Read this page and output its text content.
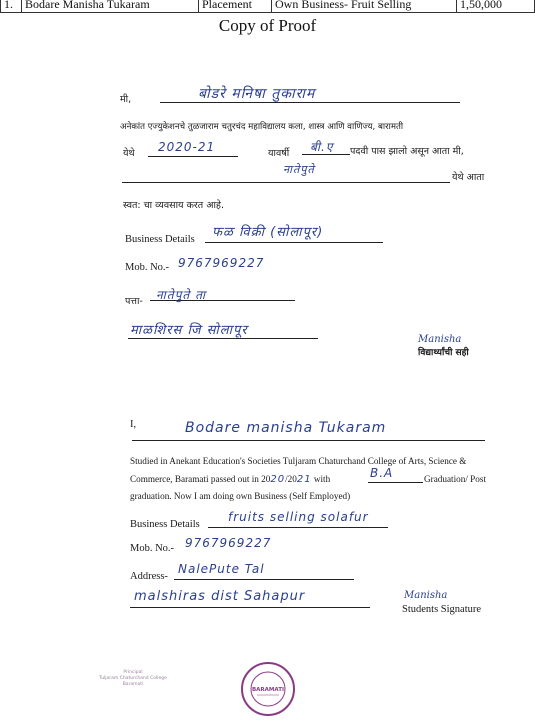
1.	Bodare Manisha Tukaram	Placement	Own Business- Fruit Selling	1,50,000
Copy of Proof
मी,	बोडरे मनिषा तुकाराम
अनेकांत एज्युकेशनचे तुळजाराम चतुरचंद महाविद्यालय कला, शास्त्र आणि वाणिज्य, बारामती
येथे 2020-21	यावर्षी बी.ए पदवी पास झालो असून आता मी,
नातेपुते
येथे आता
स्वत: चा व्यवसाय करत आहे.
Business Details फळ विक्री (सोलापूर)
Mob. No.- 9767969227
पत्ता- नातेपुते ता
माळशिरस जि सोलापूर
Manisha
विद्यार्थ्यांची सही
I,	Bodare manisha Tukaram
Studied in Anekant Education's Societies Tuljaram Chaturchand College of Arts, Science &
Commerce, Baramati passed out in 2020/2021 with	B.A	Graduation/ Post
graduation. Now I am doing own Business (Self Employed)
Business Details
fruits selling solafur
Mob. No.- 9767969227
Address-
NalePute Tal
malshiras dist Sahapur	Manisha
Students Signature

Principal
Tuljaram Chaturchand College
Baramati

BARAMATI
